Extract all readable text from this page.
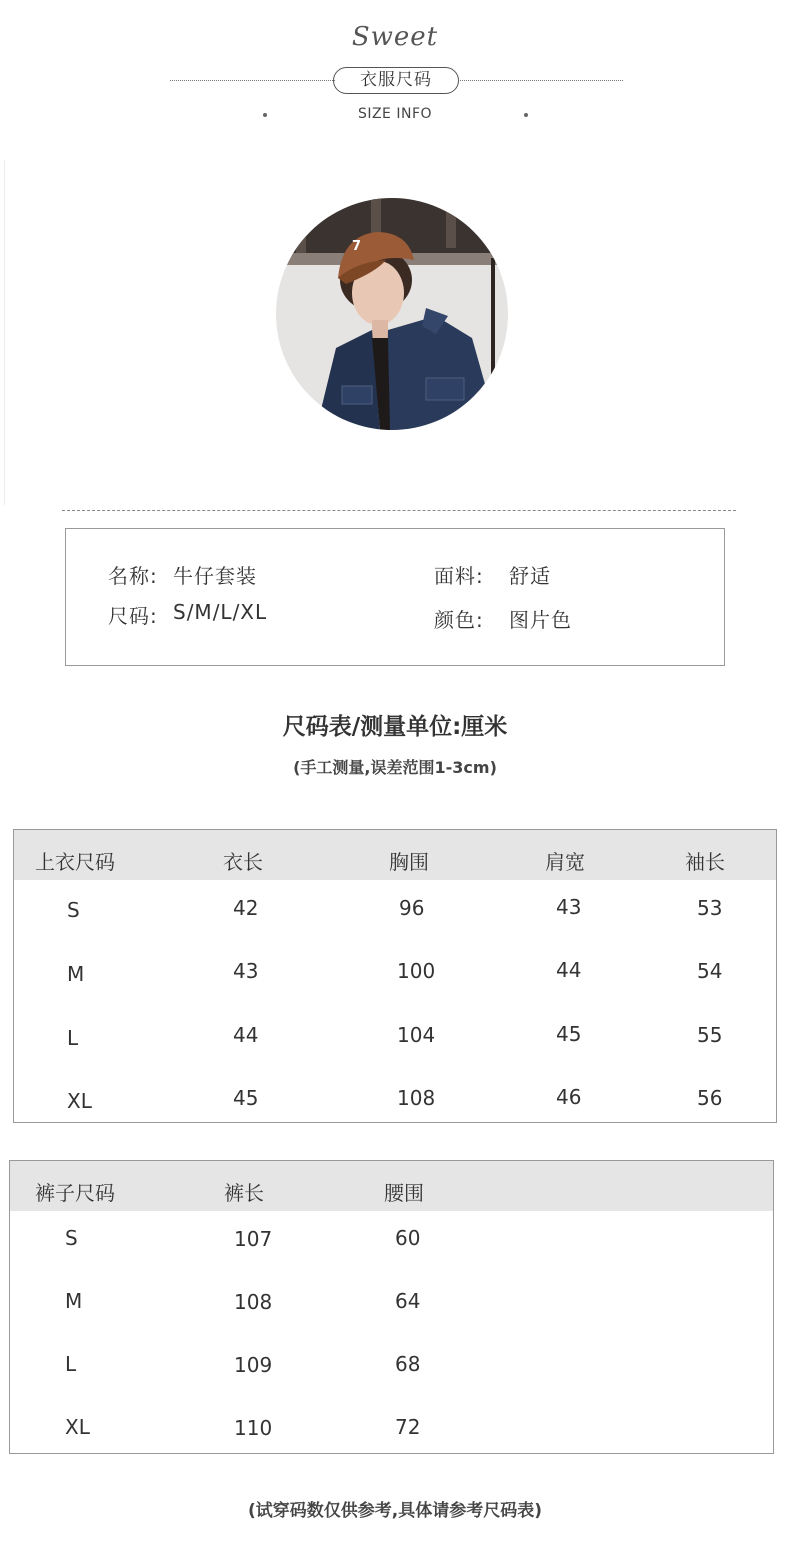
Sweet
衣服尺码
SIZE INFO
7
名称: 牛仔套装	面料: 舒适
尺码: S/M/L/XL	颜色: 图片色
尺码表/测量单位:厘米
(手工测量,误差范围1-3cm)
上衣尺码	衣长	胸围	肩宽	袖长
S	42	96	43	53
M	43	100	44	54
L	44	104	45	55
XL	45	108	46	56
裤子尺码	裤长	腰围
S	107	60
M	108	64
L	109	68
XL	110	72
(试穿码数仅供参考,具体请参考尺码表)
